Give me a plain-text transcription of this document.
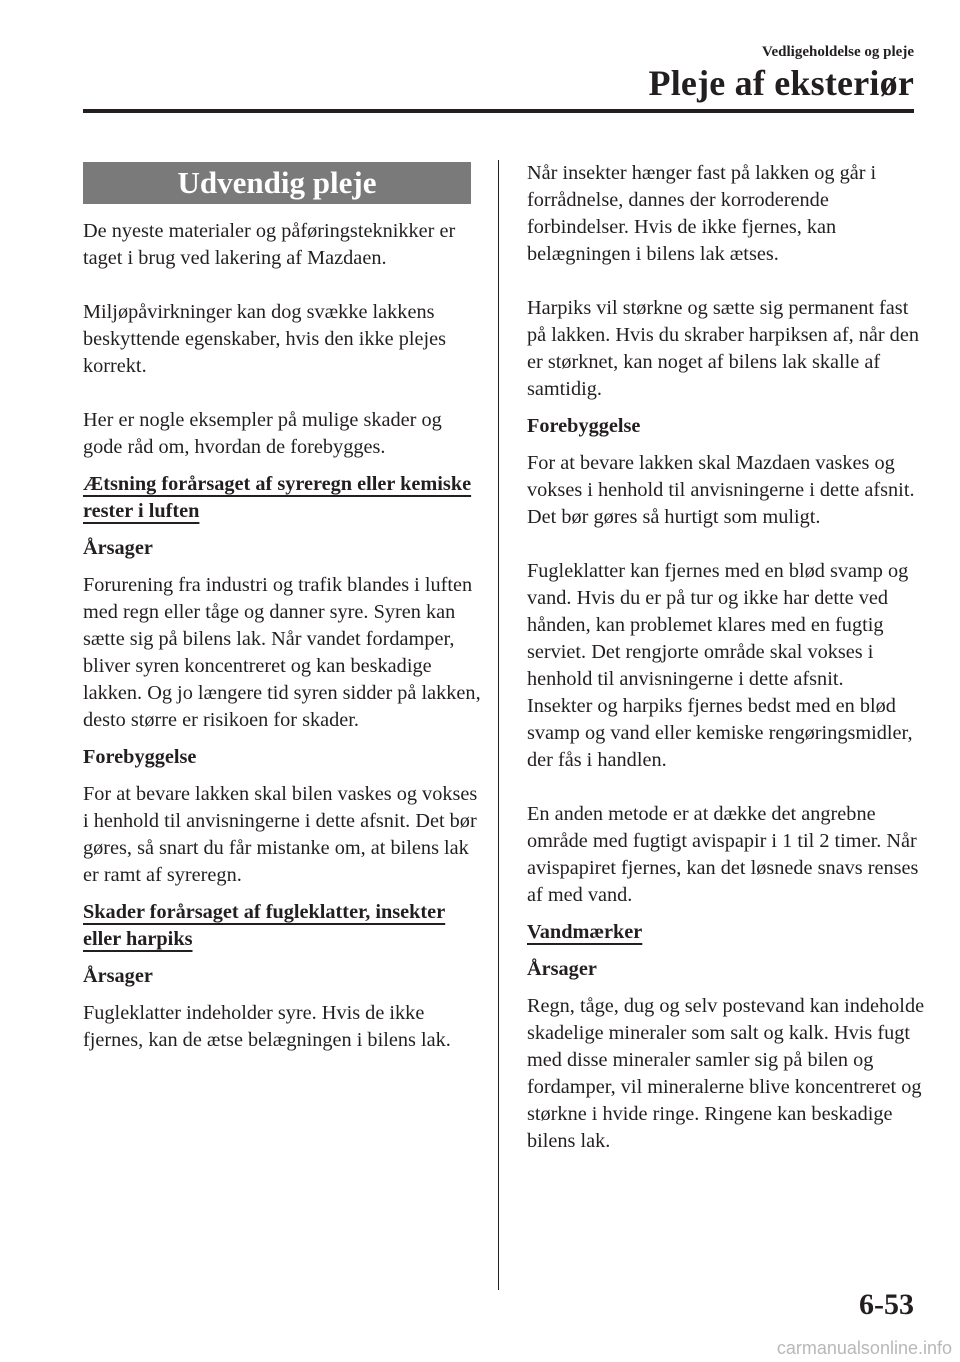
Vedligeholdelse og pleje
Pleje af eksteriør
Udvendig pleje

De nyeste materialer og påføringsteknikker er taget i brug ved lakering af Mazdaen.

Miljøpåvirkninger kan dog svække lakkens beskyttende egenskaber, hvis den ikke plejes korrekt.

Her er nogle eksempler på mulige skader og gode råd om, hvordan de forebygges.

Ætsning forårsaget af syreregn eller kemiske rester i luften

Årsager

Forurening fra industri og trafik blandes i luften med regn eller tåge og danner syre. Syren kan sætte sig på bilens lak. Når vandet fordamper, bliver syren koncentreret og kan beskadige lakken. Og jo længere tid syren sidder på lakken, desto større er risikoen for skader.

Forebyggelse

For at bevare lakken skal bilen vaskes og vokses i henhold til anvisningerne i dette afsnit. Det bør gøres, så snart du får mistanke om, at bilens lak er ramt af syreregn.

Skader forårsaget af fugleklatter, insekter eller harpiks

Årsager

Fugleklatter indeholder syre. Hvis de ikke fjernes, kan de ætse belægningen i bilens lak.

Når insekter hænger fast på lakken og går i forrådnelse, dannes der korroderende forbindelser. Hvis de ikke fjernes, kan belægningen i bilens lak ætses.

Harpiks vil størkne og sætte sig permanent fast på lakken. Hvis du skraber harpiksen af, når den er størknet, kan noget af bilens lak skalle af samtidig.

Forebyggelse

For at bevare lakken skal Mazdaen vaskes og vokses i henhold til anvisningerne i dette afsnit. Det bør gøres så hurtigt som muligt.

Fugleklatter kan fjernes med en blød svamp og vand. Hvis du er på tur og ikke har dette ved hånden, kan problemet klares med en fugtig serviet. Det rengjorte område skal vokses i henhold til anvisningerne i dette afsnit.

Insekter og harpiks fjernes bedst med en blød svamp og vand eller kemiske rengøringsmidler, der fås i handlen.

En anden metode er at dække det angrebne område med fugtigt avispapir i 1 til 2 timer. Når avispapiret fjernes, kan det løsnede snavs renses af med vand.

Vandmærker

Årsager

Regn, tåge, dug og selv postevand kan indeholde skadelige mineraler som salt og kalk. Hvis fugt med disse mineraler samler sig på bilen og fordamper, vil mineralerne blive koncentreret og størkne i hvide ringe. Ringene kan beskadige bilens lak.

6-53
carmanualsonline.info
